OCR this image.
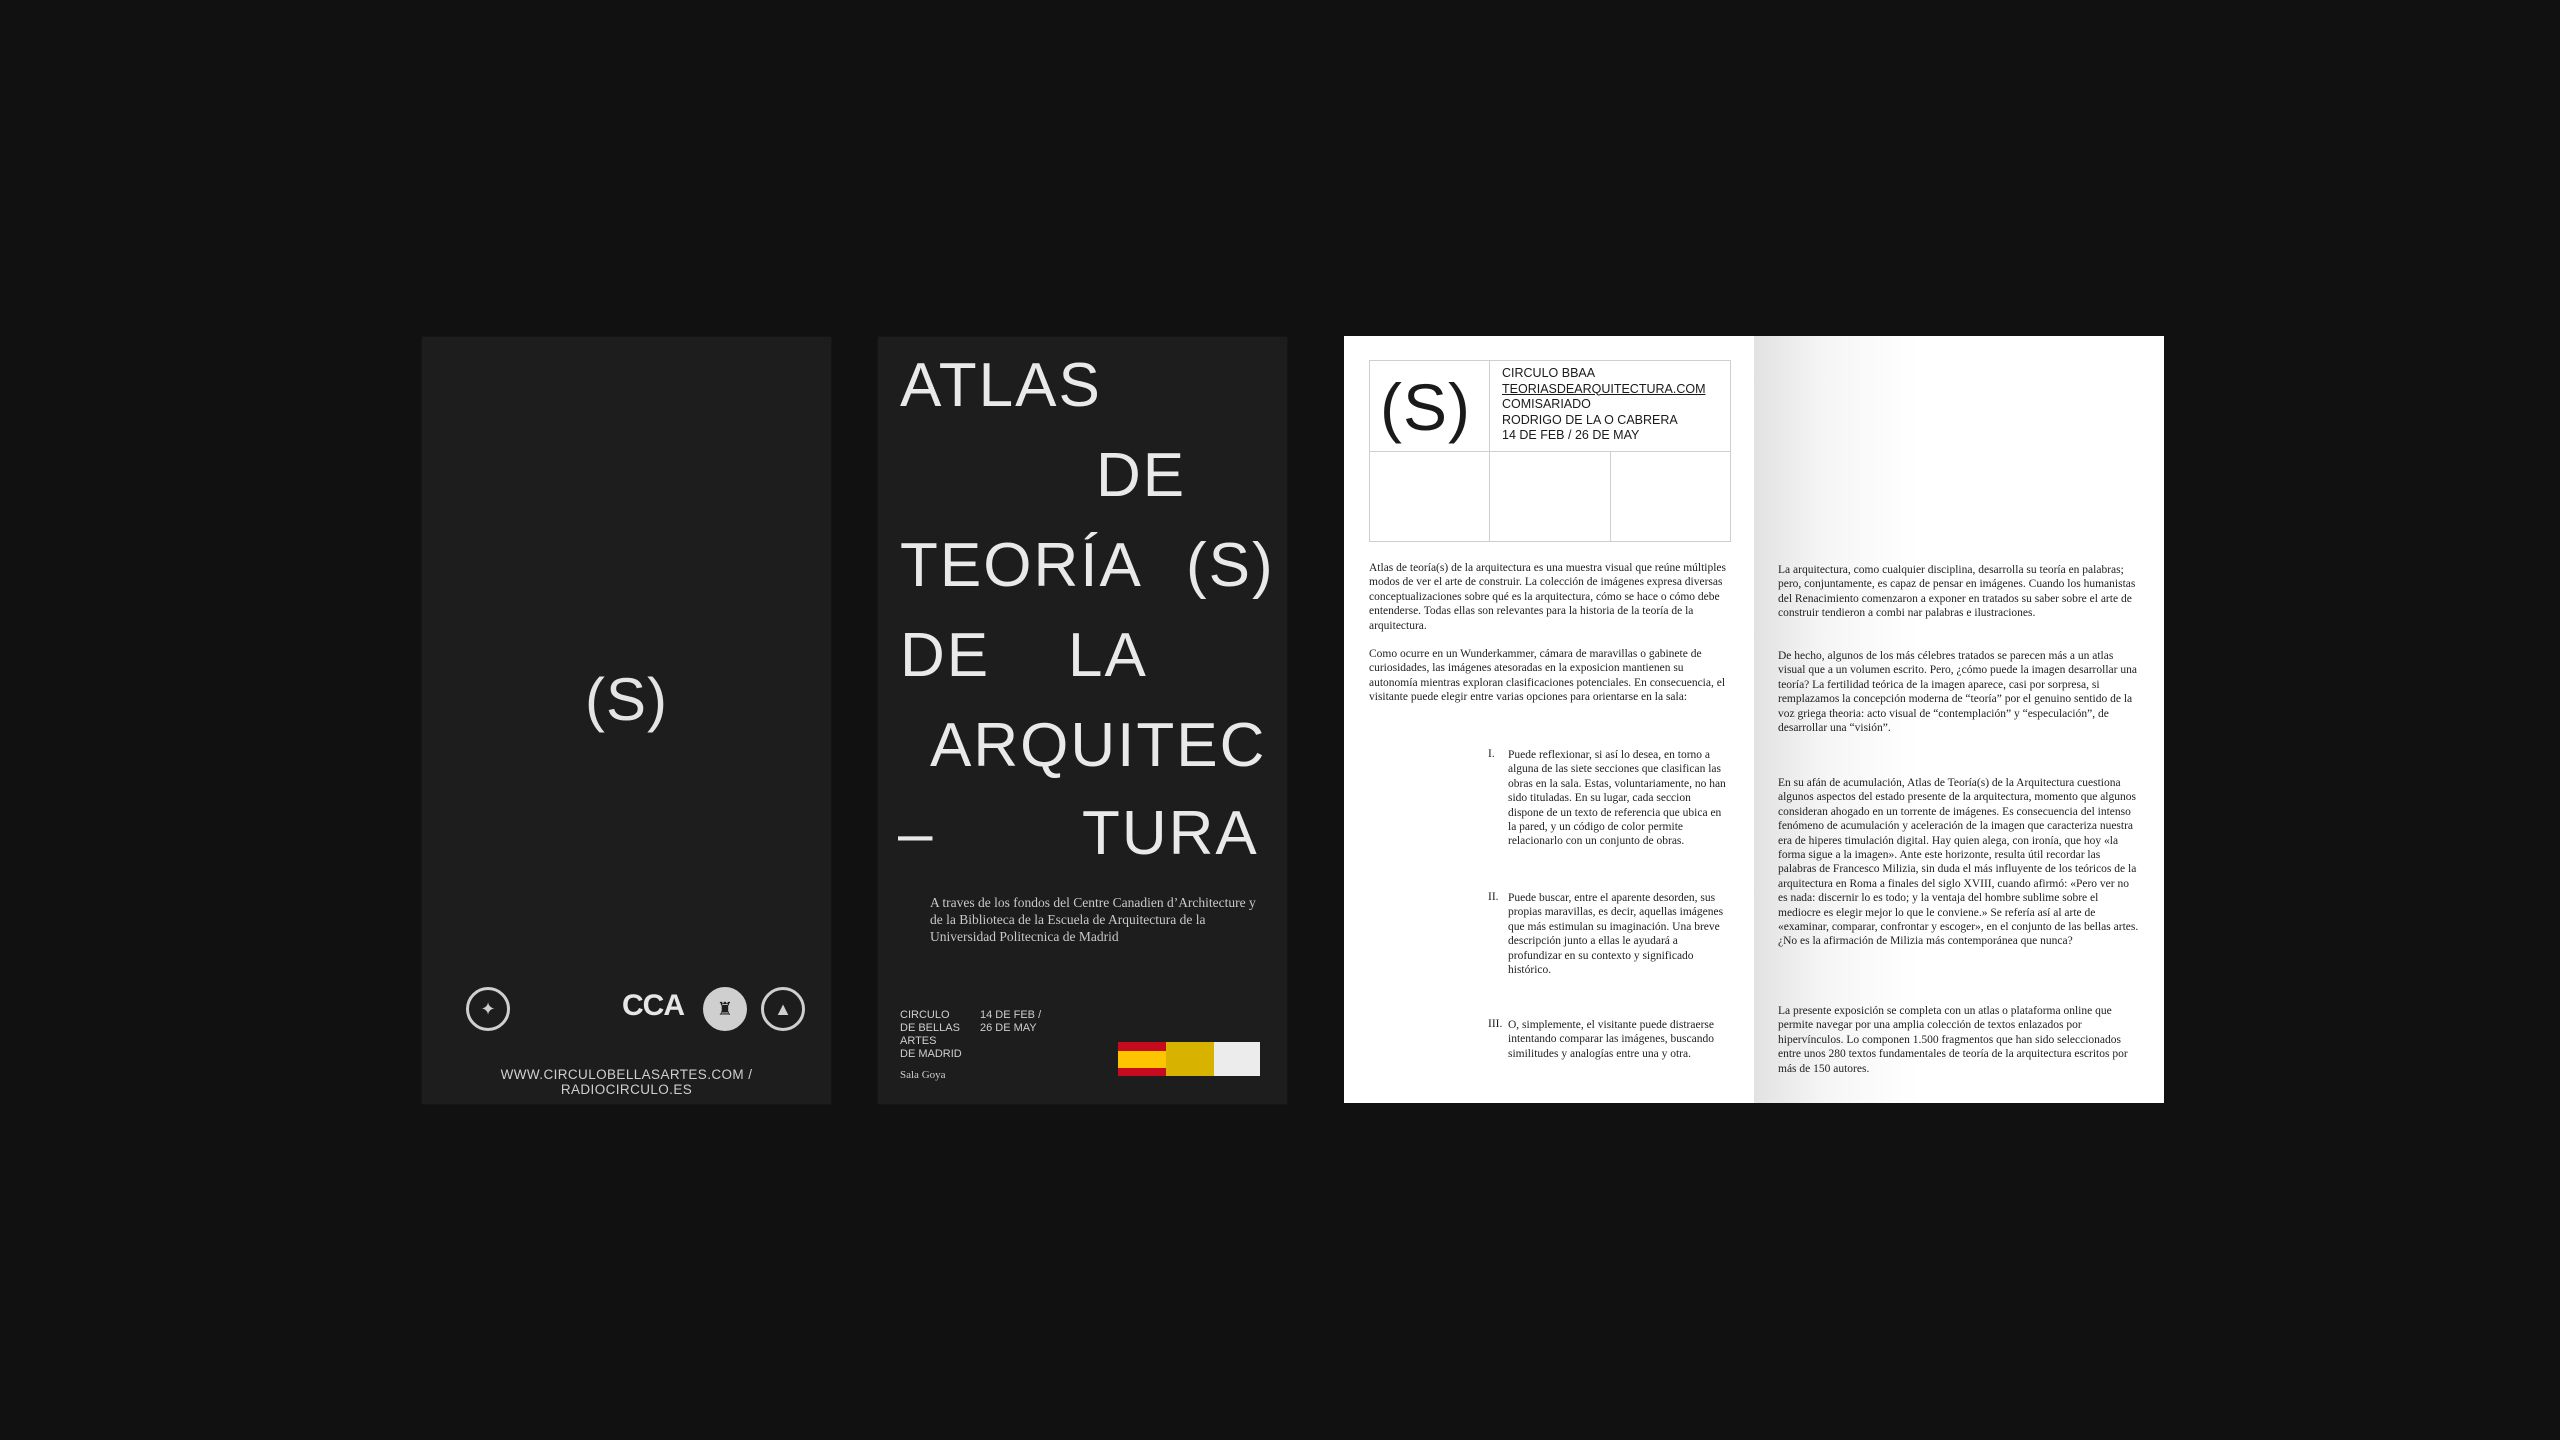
(S)
✦	CCA	♜	▲
WWW.CIRCULOBELLASARTES.COM / RADIOCIRCULO.ES
ATLAS
DE
TEORÍA (S)
DE LA
ARQUITEC
– TURA
A traves de los fondos del Centre Canadien d’Architecture y de la Biblioteca de la Escuela de Arquitectura de la Universidad Politecnica de Madrid
CIRCULO
DE BELLAS
ARTES
DE MADRID
Sala Goya
14 DE FEB /
26 DE MAY
(S) CIRCULO BBAA
TEORIASDEARQUITECTURA.COM
COMISARIADO
RODRIGO DE LA O CABRERA
14 DE FEB / 26 DE MAY

Atlas de teoría(s) de la arquitectura es una muestra visual que reúne múltiples modos de ver el arte de construir. La colección de imágenes expresa diversas conceptualizaciones sobre qué es la arquitectura, cómo se hace o cómo debe entenderse. Todas ellas son relevantes para la historia de la teoría de la arquitectura.

Como ocurre en un Wunderkammer, cámara de maravillas o gabinete de curiosidades, las imágenes atesoradas en la exposicion mantienen su autonomía mientras exploran clasificaciones potenciales. En consecuencia, el visitante puede elegir entre varias opciones para orientarse en la sala:

I. Puede reflexionar, si así lo desea, en torno a alguna de las siete secciones que clasifican las obras en la sala. Estas, voluntariamente, no han sido tituladas. En su lugar, cada seccion dispone de un texto de referencia que ubica en la pared, y un código de color permite relacionarlo con un conjunto de obras.

II. Puede buscar, entre el aparente desorden, sus propias maravillas, es decir, aquellas imágenes que más estimulan su imaginación. Una breve descripción junto a ellas le ayudará a profundizar en su contexto y significado histórico.

III. O, simplemente, el visitante puede distraerse intentando comparar las imágenes, buscando similitudes y analogías entre una y otra.

La arquitectura, como cualquier disciplina, desarrolla su teoría en palabras; pero, conjuntamente, es capaz de pensar en imágenes. Cuando los humanistas del Renacimiento comenzaron a exponer en tratados su saber sobre el arte de construir tendieron a combi nar palabras e ilustraciones.

De hecho, algunos de los más célebres tratados se parecen más a un atlas visual que a un volumen escrito. Pero, ¿cómo puede la imagen desarrollar una teoría? La fertilidad teórica de la imagen aparece, casi por sorpresa, si remplazamos la concepción moderna de “teoría” por el genuino sentido de la voz griega theoria: acto visual de “contemplación” y “especulación”, de desarrollar una “visión”.

En su afán de acumulación, Atlas de Teoría(s) de la Arquitectura cuestiona algunos aspectos del estado presente de la arquitectura, momento que algunos consideran ahogado en un torrente de imágenes. Es consecuencia del intenso fenómeno de acumulación y aceleración de la imagen que caracteriza nuestra era de hiperes timulación digital. Hay quien alega, con ironía, que hoy «la forma sigue a la imagen». Ante este horizonte, resulta útil recordar las palabras de Francesco Milizia, sin duda el más influyente de los teóricos de la arquitectura en Roma a finales del siglo XVIII, cuando afirmó: «Pero ver no es nada: discernir lo es todo; y la ventaja del hombre sublime sobre el mediocre es elegir mejor lo que le conviene.» Se refería así al arte de «examinar, comparar, confrontar y escoger», en el conjunto de las bellas artes. ¿No es la afirmación de Milizia más contemporánea que nunca?

La presente exposición se completa con un atlas o plataforma online que permite navegar por una amplia colección de textos enlazados por hipervínculos. Lo componen 1.500 fragmentos que han sido seleccionados entre unos 280 textos fundamentales de teoría de la arquitectura escritos por más de 150 autores.
